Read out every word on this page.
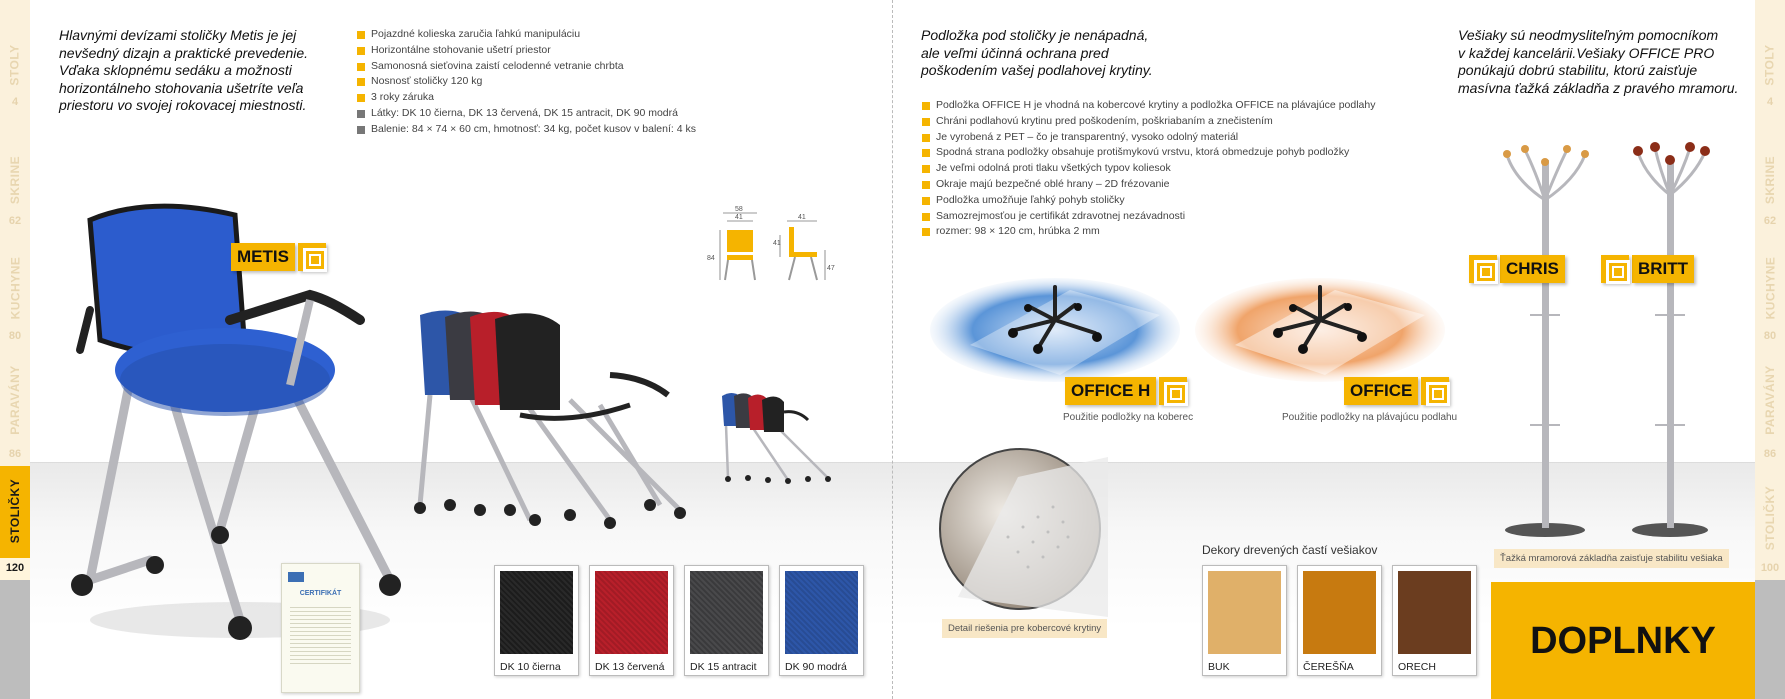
STOLY
4
SKRINE
62
KUCHYNE
80
PARAVÁNY
86
STOLIČKY
120
STOLY
4
SKRINE
62
KUCHYNE
80
PARAVÁNY
86
STOLIČKY
100

Hlavnými devízami stoličky Metis je jej

nevšedný dizajn a praktické prevedenie.

Vďaka sklopnému sedáku a možnosti

horizontálneho stohovania ušetríte veľa

priestoru vo svojej rokovacej miestnosti.

Pojazdné kolieska zaručia ľahkú manipuláciu
Horizontálne stohovanie ušetrí priestor
Samonosná sieťovina zaistí celodenné vetranie chrbta
Nosnosť stoličky 120 kg
3 roky záruka
Látky: DK 10 čierna, DK 13 červená, DK 15 antracit, DK 90 modrá
Balenie: 84 × 74 × 60 cm, hmotnosť: 34 kg, počet kusov v balení: 4 ks
METIS
58
41
84
41
41
47
CERTIFIKÁT
DK 10 čierna	DK 13 červená DK 15 antracit	DK 90 modrá

Podložka pod stoličky je nenápadná,

ale veľmi účinná ochrana pred

poškodením vašej podlahovej krytiny.

Podložka OFFICE H je vhodná na kobercové krytiny a podložka OFFICE na plávajúce podlahy
Chráni podlahovú krytinu pred poškodením, poškriabaním a znečistením
Je vyrobená z PET – čo je transparentný, vysoko odolný materiál
Spodná strana podložky obsahuje protišmykovú vrstvu, ktorá obmedzuje pohyb podložky
Je veľmi odolná proti tlaku všetkých typov koliesok
Okraje majú bezpečné oblé hrany – 2D frézovanie
Podložka umožňuje ľahký pohyb stoličky
Samozrejmosťou je certifikát zdravotnej nezávadnosti
rozmer: 98 × 120 cm, hrúbka 2 mm
OFFICE H	OFFICE
Použitie podložky na koberec	Použitie podložky na plávajúcu podlahu
Detail riešenia pre kobercové krytiny

Vešiaky sú neodmysliteľným pomocníkom

v každej kancelárii.Vešiaky OFFICE PRO

ponúkajú dobrú stabilitu, ktorú zaisťuje

masívna ťažká základňa z pravého mramoru.

CHRIS	BRITT
Ťažká mramorová základňa zaisťuje stabilitu vešiaka
Dekory drevených častí vešiakov
BUK	ČEREŠŇA	ORECH
DOPLNKY
